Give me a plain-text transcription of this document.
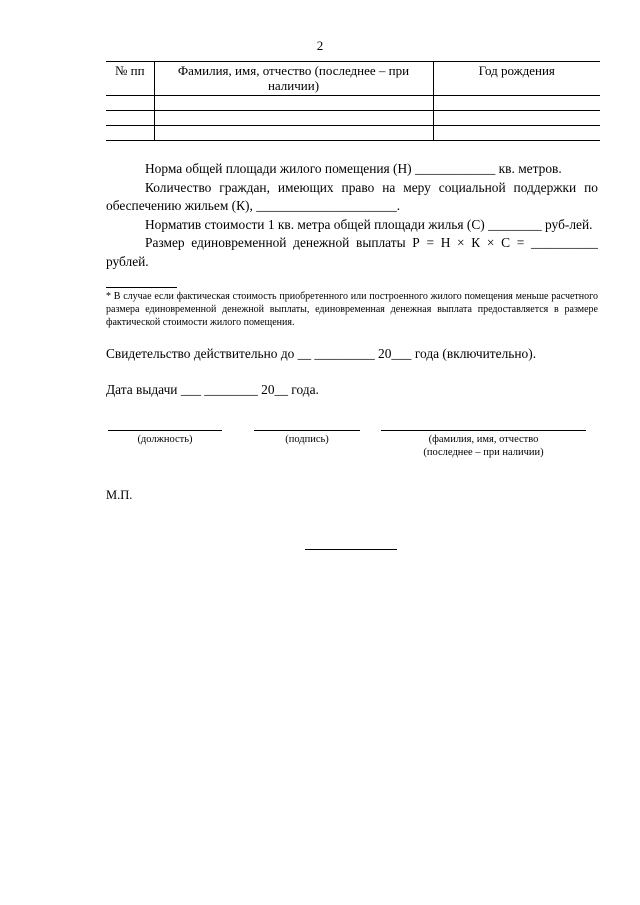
2
№ пп	Фамилия, имя, отчество (последнее – при наличии)	Год рождения

Норма общей площади жилого помещения (Н) ____________ кв. метров.

Количество граждан, имеющих право на меру социальной поддержки по обеспечению жильем (К), _____________________.

Норматив стоимости 1 кв. метра общей площади жилья (С) ________ руб-лей.

Размер единовременной денежной выплаты Р = Н × К × С = __________ рублей.

* В случае если фактическая стоимость приобретенного или построенного жилого помещения меньше расчетного размера единовременной денежной выплаты, единовременная денежная выплата предоставляется в размере фактической стоимости жилого помещения.
Свидетельство действительно до __ _________ 20___ года (включительно).
Дата выдачи ___ ________ 20__ года.
(должность)	(подпись)	(фамилия, имя, отчество
(последнее – при наличии)
М.П.
